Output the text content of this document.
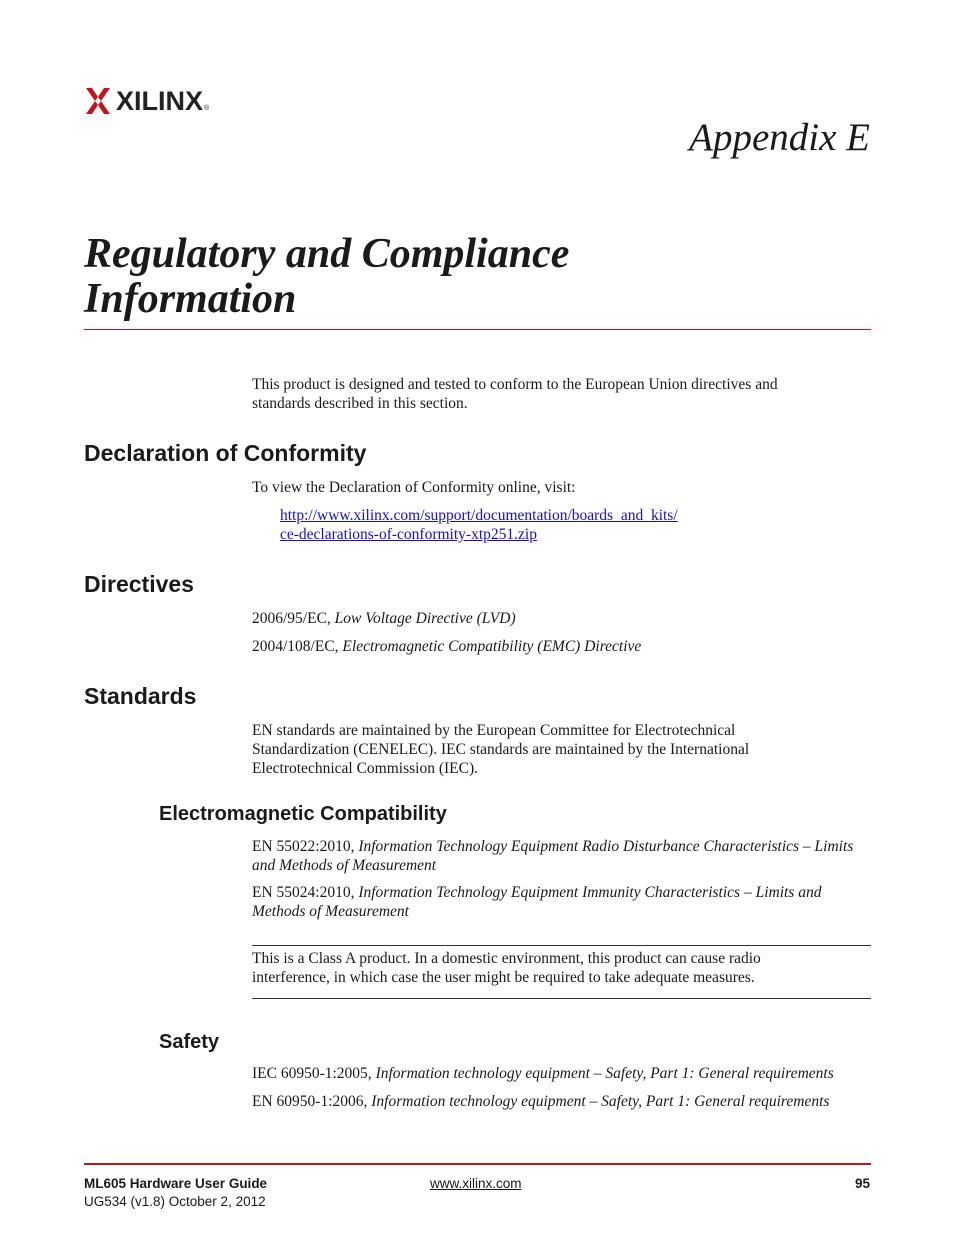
XILINX ®
Appendix E
Regulatory and Compliance
Information
This product is designed and tested to conform to the European Union directives and
standards described in this section.
Declaration of Conformity
To view the Declaration of Conformity online, visit:
http://www.xilinx.com/support/documentation/boards_and_kits/
ce-declarations-of-conformity-xtp251.zip
Directives
2006/95/EC, Low Voltage Directive (LVD)
2004/108/EC, Electromagnetic Compatibility (EMC) Directive
Standards
EN standards are maintained by the European Committee for Electrotechnical
Standardization (CENELEC). IEC standards are maintained by the International
Electrotechnical Commission (IEC).
Electromagnetic Compatibility
EN 55022:2010, Information Technology Equipment Radio Disturbance Characteristics – Limits
and Methods of Measurement
EN 55024:2010, Information Technology Equipment Immunity Characteristics – Limits and
Methods of Measurement
This is a Class A product. In a domestic environment, this product can cause radio
interference, in which case the user might be required to take adequate measures.
Safety
IEC 60950-1:2005, Information technology equipment – Safety, Part 1: General requirements
EN 60950-1:2006, Information technology equipment – Safety, Part 1: General requirements
ML605 Hardware User Guide
UG534 (v1.8) October 2, 2012
www.xilinx.com	95
